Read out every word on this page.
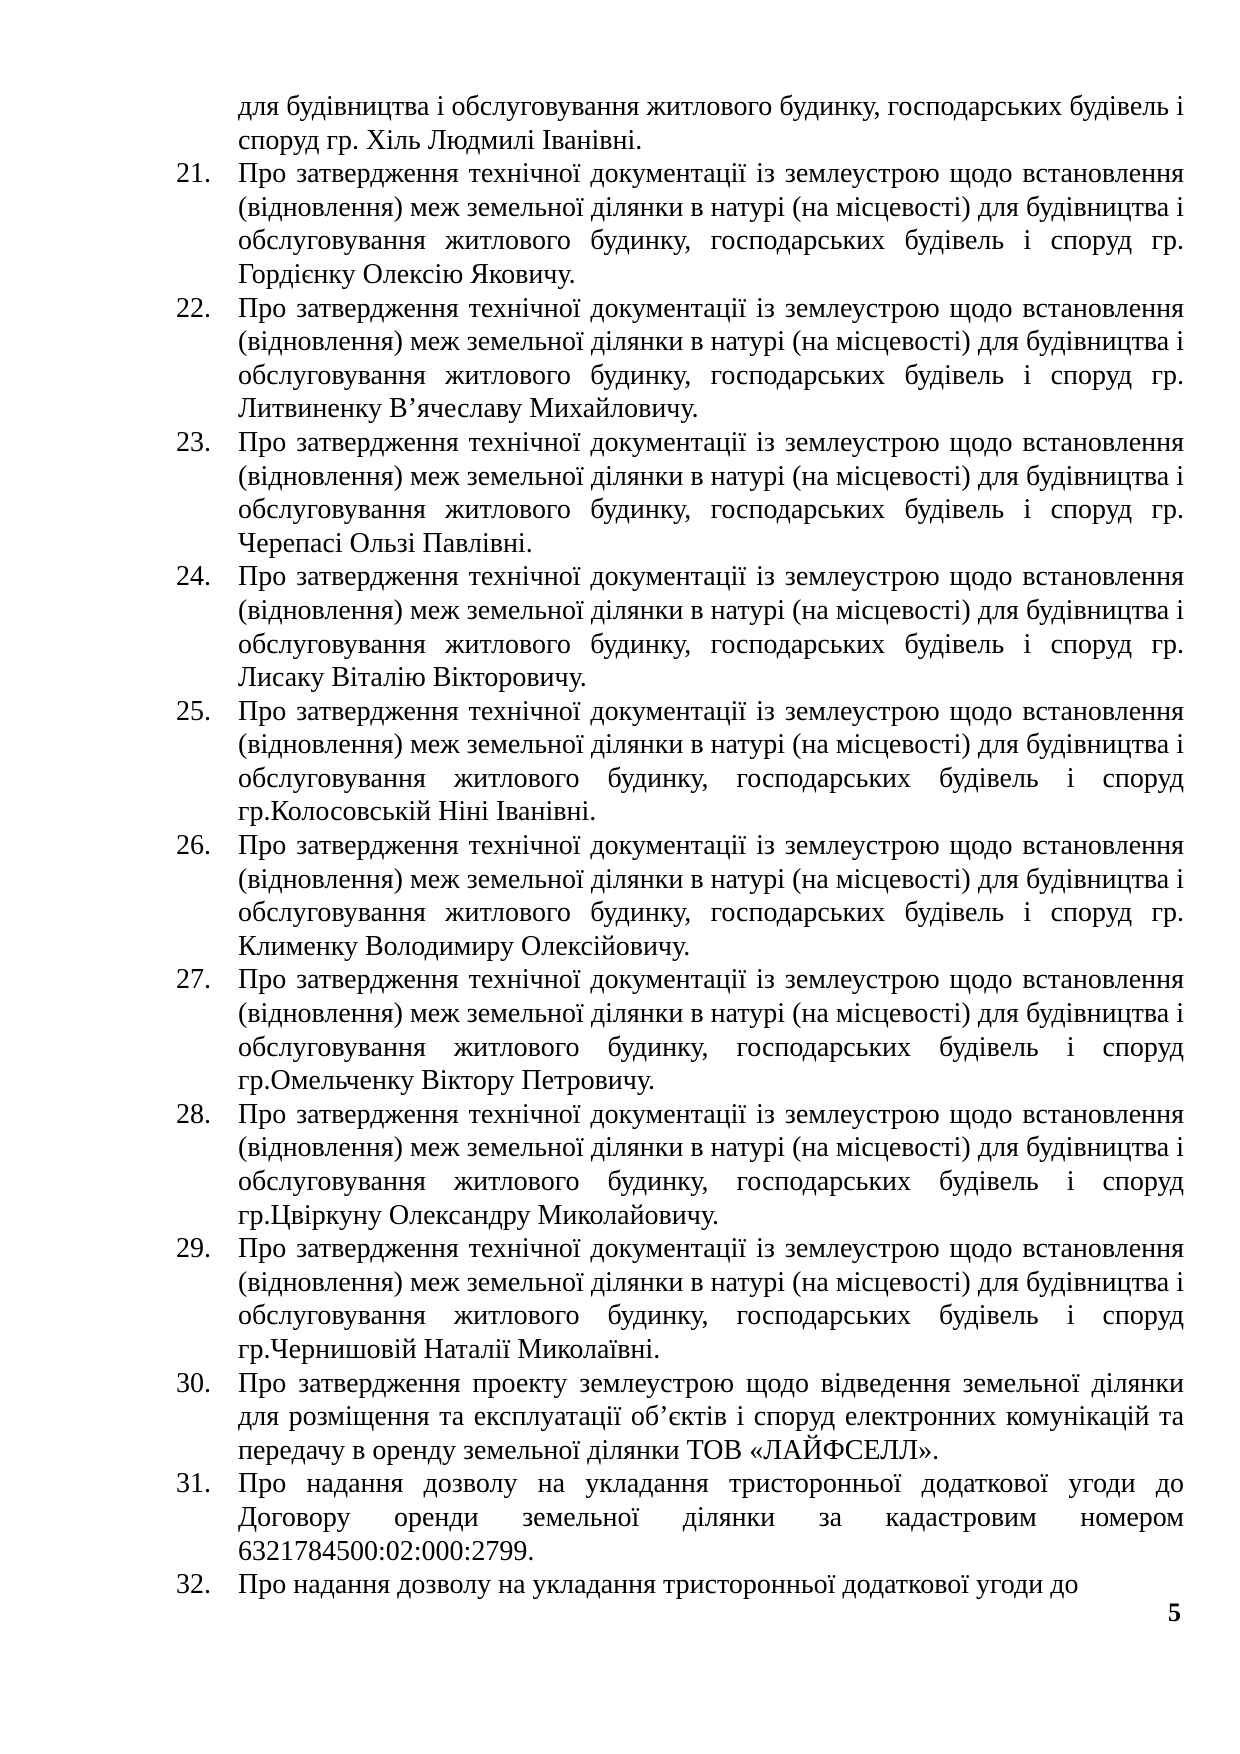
для будівництва і обслуговування житлового будинку, господарських будівель і споруд гр. Хіль Людмилі Іванівні.
21. Про затвердження технічної документації із землеустрою щодо встановлення (відновлення) меж земельної ділянки в натурі (на місцевості) для будівництва і обслуговування житлового будинку, господарських будівель і споруд гр. Гордієнку Олексію Яковичу.
22. Про затвердження технічної документації із землеустрою щодо встановлення (відновлення) меж земельної ділянки в натурі (на місцевості) для будівництва і обслуговування житлового будинку, господарських будівель і споруд гр. Литвиненку В’ячеславу Михайловичу.
23. Про затвердження технічної документації із землеустрою щодо встановлення (відновлення) меж земельної ділянки в натурі (на місцевості) для будівництва і обслуговування житлового будинку, господарських будівель і споруд гр. Черепасі Ользі Павлівні.
24. Про затвердження технічної документації із землеустрою щодо встановлення (відновлення) меж земельної ділянки в натурі (на місцевості) для будівництва і обслуговування житлового будинку, господарських будівель і споруд гр. Лисаку Віталію Вікторовичу.
25. Про затвердження технічної документації із землеустрою щодо встановлення (відновлення) меж земельної ділянки в натурі (на місцевості) для будівництва і обслуговування житлового будинку, господарських будівель і споруд гр.Колосовській Ніні Іванівні.
26. Про затвердження технічної документації із землеустрою щодо встановлення (відновлення) меж земельної ділянки в натурі (на місцевості) для будівництва і обслуговування житлового будинку, господарських будівель і споруд гр. Клименку Володимиру Олексійовичу.
27. Про затвердження технічної документації із землеустрою щодо встановлення (відновлення) меж земельної ділянки в натурі (на місцевості) для будівництва і обслуговування житлового будинку, господарських будівель і споруд гр.Омельченку Віктору Петровичу.
28. Про затвердження технічної документації із землеустрою щодо встановлення (відновлення) меж земельної ділянки в натурі (на місцевості) для будівництва і обслуговування житлового будинку, господарських будівель і споруд гр.Цвіркуну Олександру Миколайовичу.
29. Про затвердження технічної документації із землеустрою щодо встановлення (відновлення) меж земельної ділянки в натурі (на місцевості) для будівництва і обслуговування житлового будинку, господарських будівель і споруд гр.Чернишовій Наталії Миколаївні.
30. Про затвердження проекту землеустрою щодо відведення земельної ділянки для розміщення та експлуатації об’єктів і споруд електронних комунікацій та передачу в оренду земельної ділянки ТОВ «ЛАЙФСЕЛЛ».
31. Про надання дозволу на укладання тристоронньої додаткової угоди до Договору оренди земельної ділянки за кадастровим номером 6321784500:02:000:2799.
32. Про надання дозволу на укладання тристоронньої додаткової угоди до
5
